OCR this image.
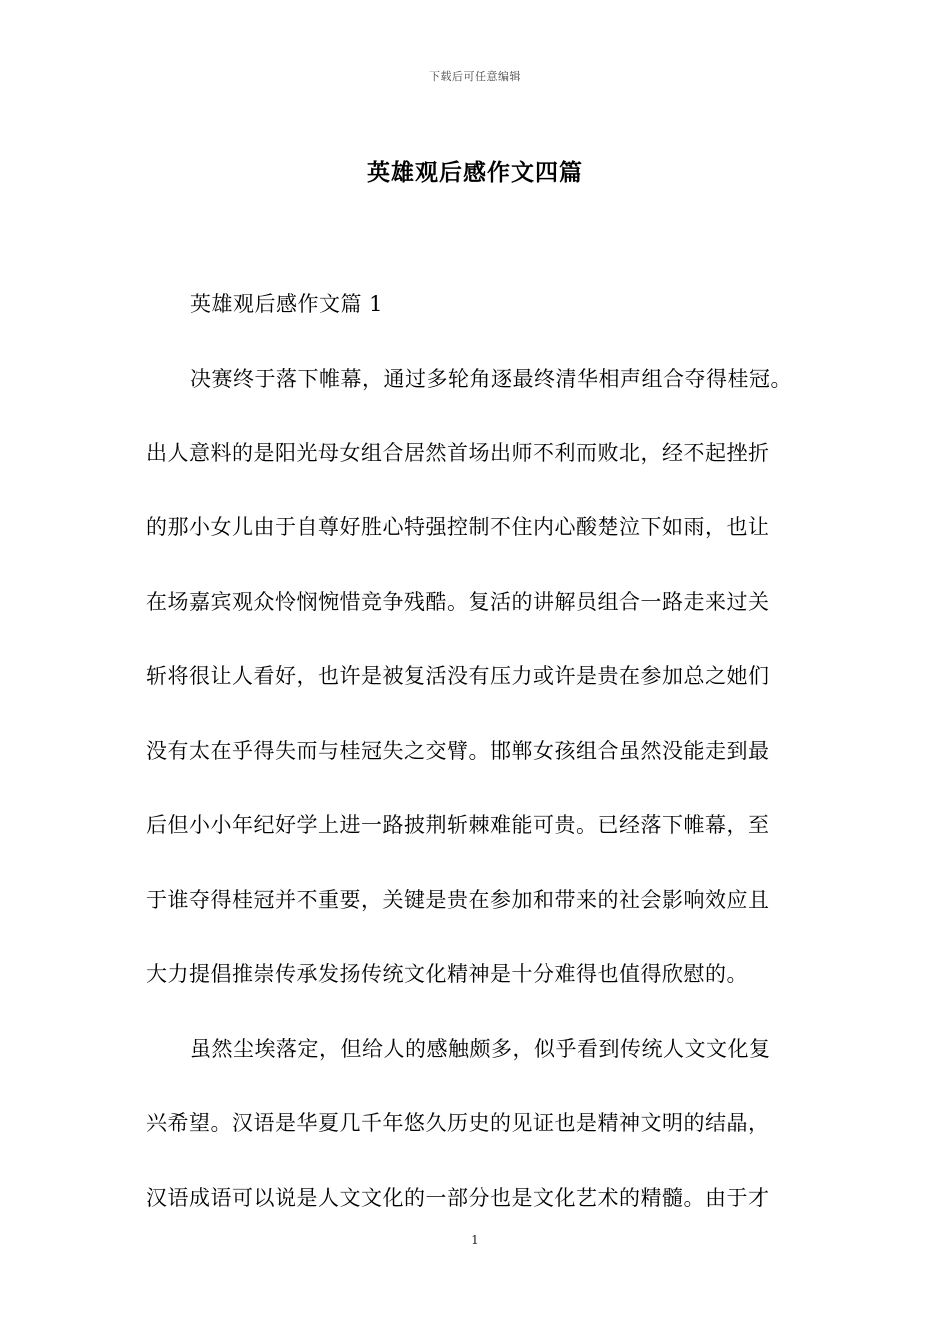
下载后可任意编辑
英雄观后感作文四篇
英雄观后感作文篇 1
决赛终于落下帷幕，通过多轮角逐最终清华相声组合夺得桂冠。
出人意料的是阳光母女组合居然首场出师不利而败北，经不起挫折
的那小女儿由于自尊好胜心特强控制不住内心酸楚泣下如雨，也让
在场嘉宾观众怜悯惋惜竞争残酷。复活的讲解员组合一路走来过关
斩将很让人看好，也许是被复活没有压力或许是贵在参加总之她们
没有太在乎得失而与桂冠失之交臂。邯郸女孩组合虽然没能走到最
后但小小年纪好学上进一路披荆斩棘难能可贵。已经落下帷幕，至
于谁夺得桂冠并不重要，关键是贵在参加和带来的社会影响效应且
大力提倡推崇传承发扬传统文化精神是十分难得也值得欣慰的。
虽然尘埃落定，但给人的感触颇多，似乎看到传统人文文化复
兴希望。汉语是华夏几千年悠久历史的见证也是精神文明的结晶，
汉语成语可以说是人文文化的一部分也是文化艺术的精髓。由于才
1
